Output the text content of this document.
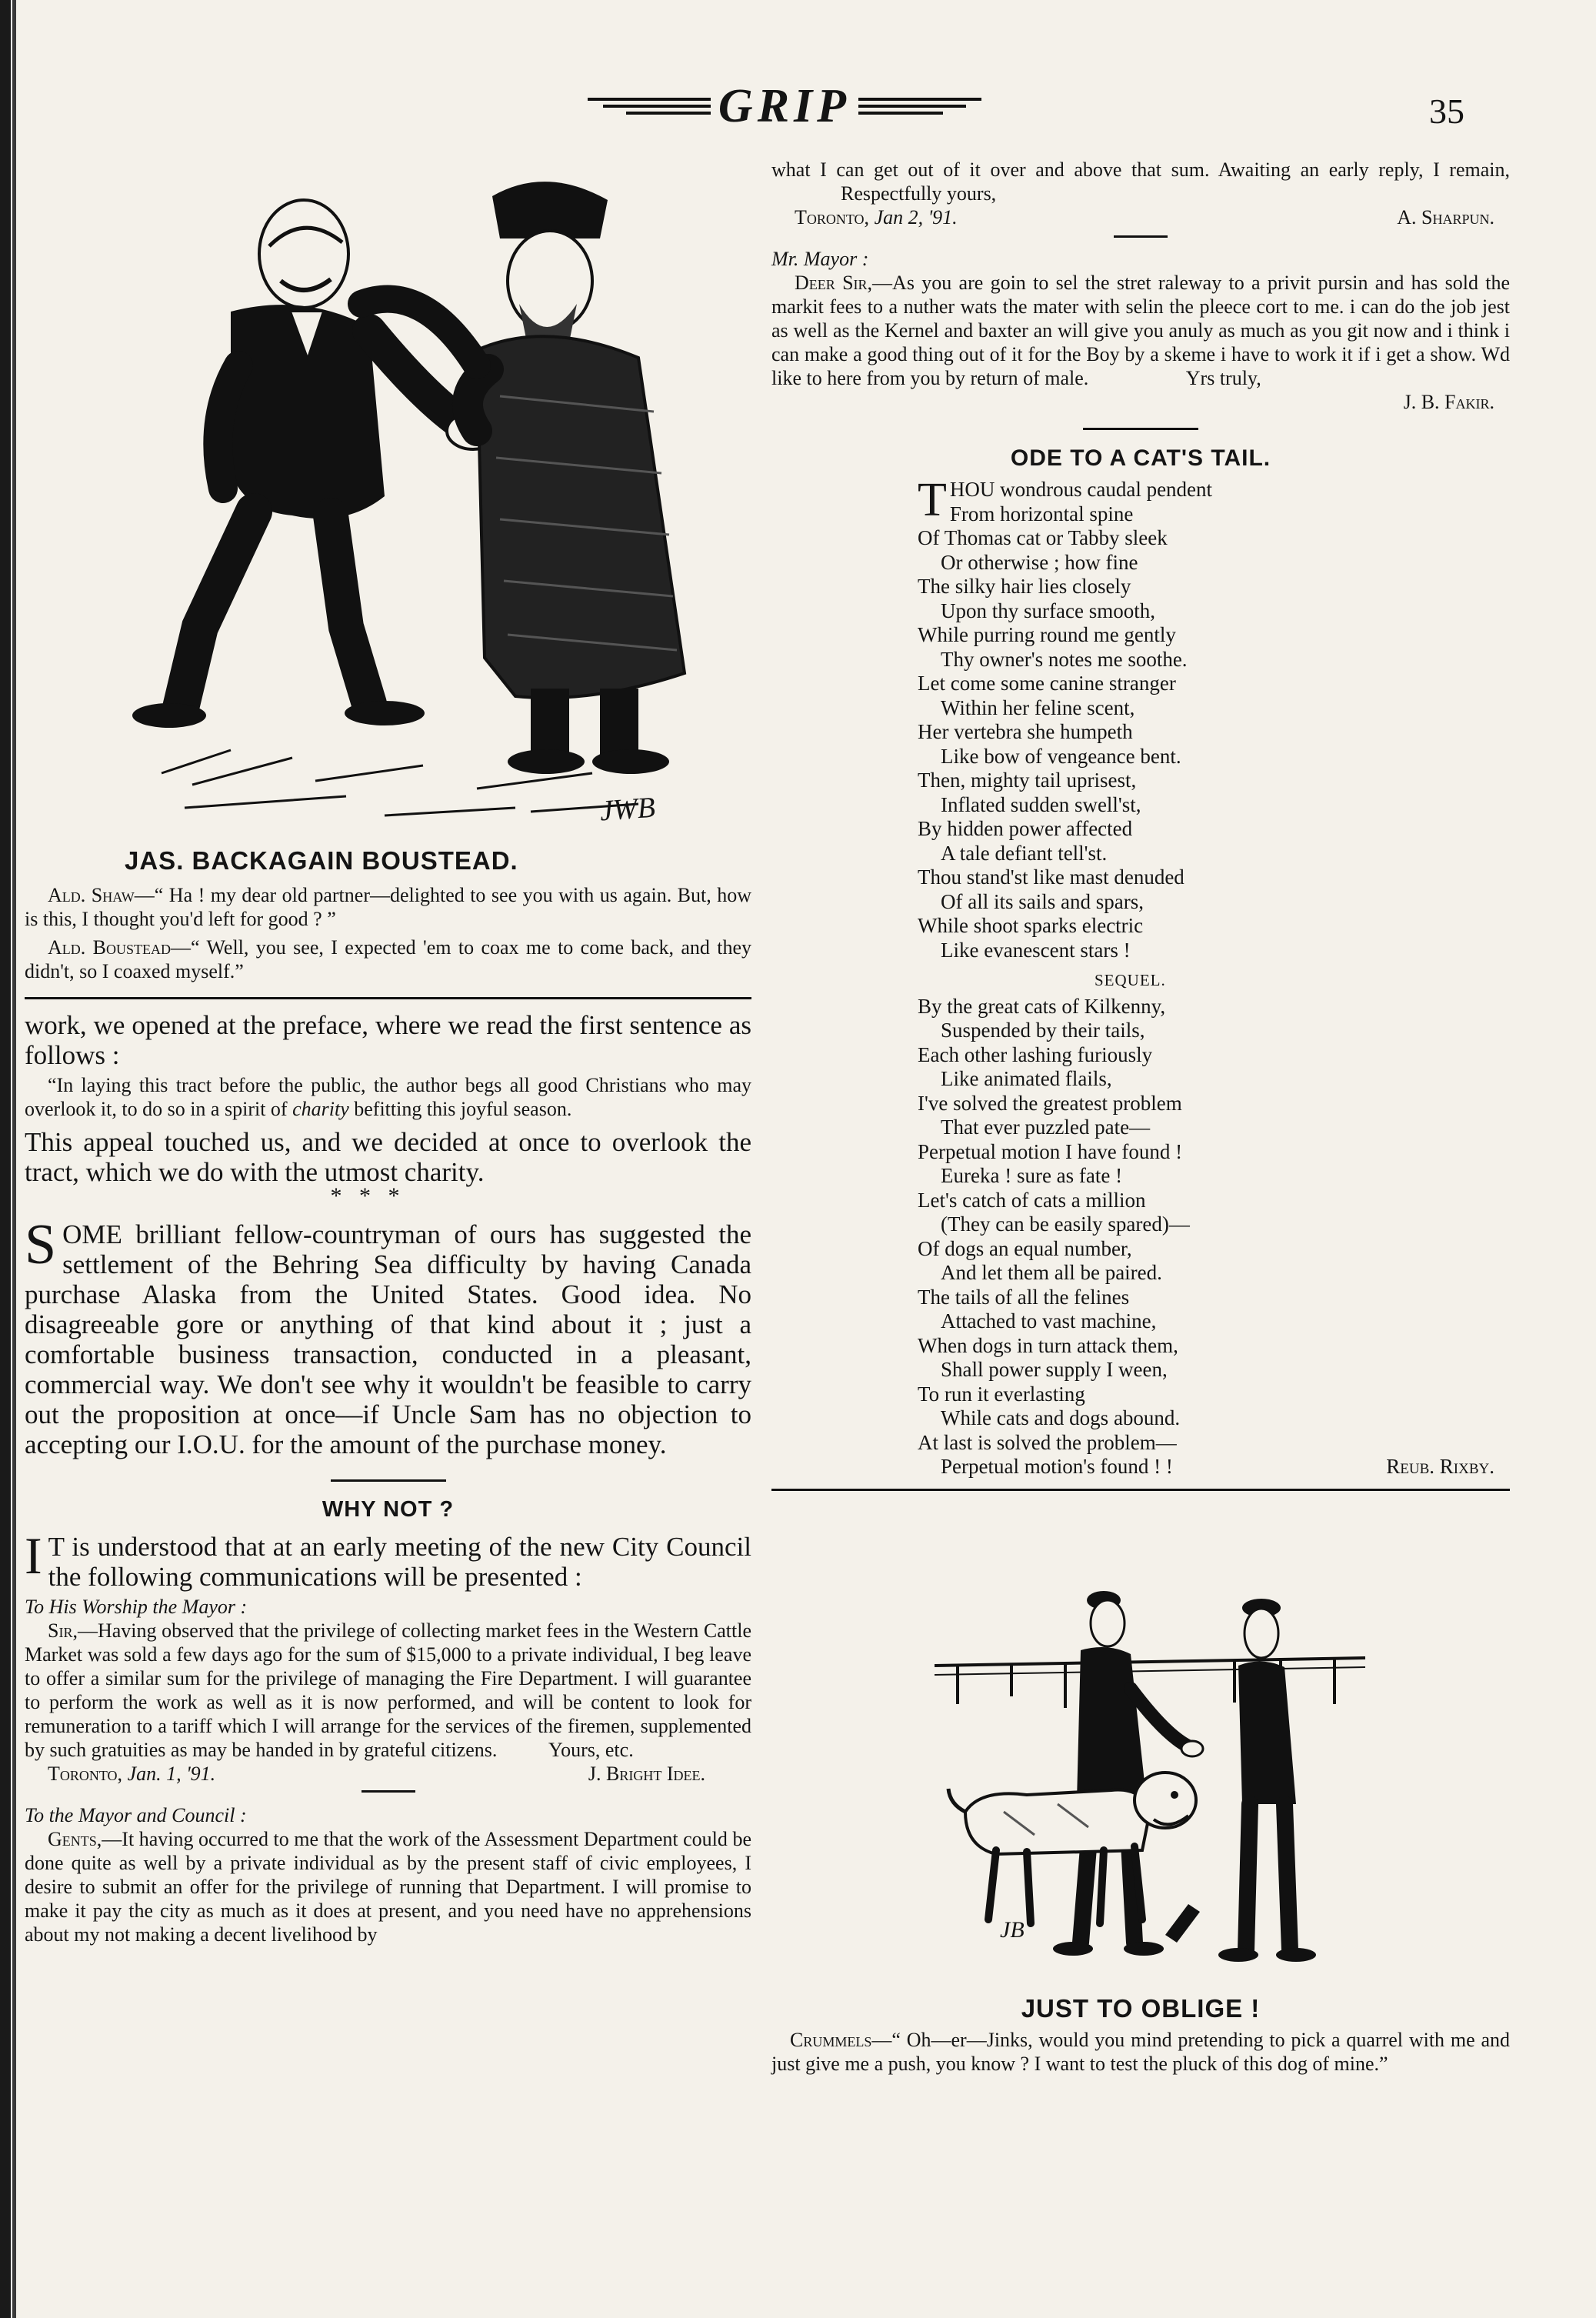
GRIP	35
JWB
JAS. BACKAGAIN BOUSTEAD.

Ald. Shaw—“ Ha ! my dear old partner—delighted to see you with us again. But, how is this, I thought you'd left for good ? ”

Ald. Boustead—“ Well, you see, I expected 'em to coax me to come back, and they didn't, so I coaxed myself.”

work, we opened at the preface, where we read the first sentence as follows :

“In laying this tract before the public, the author begs all good Christians who may overlook it, to do so in a spirit of charity befitting this joyful season.

This appeal touched us, and we decided at once to overlook the tract, which we do with the utmost charity.

*   *   *

SOME brilliant fellow-countryman of ours has suggested the settlement of the Behring Sea difficulty by having Canada purchase Alaska from the United States. Good idea. No disagreeable gore or anything of that kind about it ; just a comfortable business transaction, conducted in a pleasant, commercial way. We don't see why it wouldn't be feasible to carry out the proposition at once—if Uncle Sam has no objection to accepting our I.O.U. for the amount of the purchase money.

WHY NOT ?

I T is understood that at an early meeting of the new City Council the following communications will be presented :

To His Worship the Mayor :

Sir,—Having observed that the privilege of collecting market fees in the Western Cattle Market was sold a few days ago for the sum of $15,000 to a private individual, I beg leave to offer a similar sum for the privilege of managing the Fire Department. I will guarantee to perform the work as well as it is now performed, and will be content to look for remuneration to a tariff which I will arrange for the services of the firemen, supplemented by such gratuities as may be handed in by grateful citizens.	Yours, etc.

Toronto, Jan. 1, '91.	J. Bright Idee.

To the Mayor and Council :

Gents,—It having occurred to me that the work of the Assessment Department could be done quite as well by a private individual as by the present staff of civic employees, I desire to submit an offer for the privilege of running that Department. I will promise to make it pay the city as much as it does at present, and you need have no apprehensions about my not making a decent livelihood by

what I can get out of it over and above that sum. Awaiting an early reply, I remain, Respectfully yours,

Toronto, Jan 2, '91.	A. Sharpun.

Mr. Mayor :

Deer Sir,—As you are goin to sel the stret raleway to a privit pursin and has sold the markit fees to a nuther wats the mater with selin the pleece cort to me. i can do the job jest as well as the Kernel and baxter an will give you anuly as much as you git now and i think i can make a good thing out of it for the Boy by a skeme i have to work it if i get a show. Wd like to here from you by return of male.	Yrs truly,

J. B. Fakir.

ODE TO A CAT'S TAIL.
T HOU wondrous caudal pendent
From horizontal spine
Of Thomas cat or Tabby sleek
Or otherwise ; how fine
The silky hair lies closely
Upon thy surface smooth,
While purring round me gently
Thy owner's notes me soothe.
Let come some canine stranger
Within her feline scent,
Her vertebra she humpeth
Like bow of vengeance bent.
Then, mighty tail uprisest,
Inflated sudden swell'st,
By hidden power affected
A tale defiant tell'st.
Thou stand'st like mast denuded
Of all its sails and spars,
While shoot sparks electric
Like evanescent stars !
SEQUEL.
By the great cats of Kilkenny,
Suspended by their tails,
Each other lashing furiously
Like animated flails,
I've solved the greatest problem
That ever puzzled pate—
Perpetual motion I have found !
Eureka ! sure as fate !
Let's catch of cats a million
(They can be easily spared)—
Of dogs an equal number,
And let them all be paired.
The tails of all the felines
Attached to vast machine,
When dogs in turn attack them,
Shall power supply I ween,
To run it everlasting
While cats and dogs abound.
At last is solved the problem—
Perpetual motion's found ! !	Reub. Rixby.
JB
JUST TO OBLIGE !

Crummels—“ Oh—er—Jinks, would you mind pretending to pick a quarrel with me and just give me a push, you know ? I want to test the pluck of this dog of mine.”
